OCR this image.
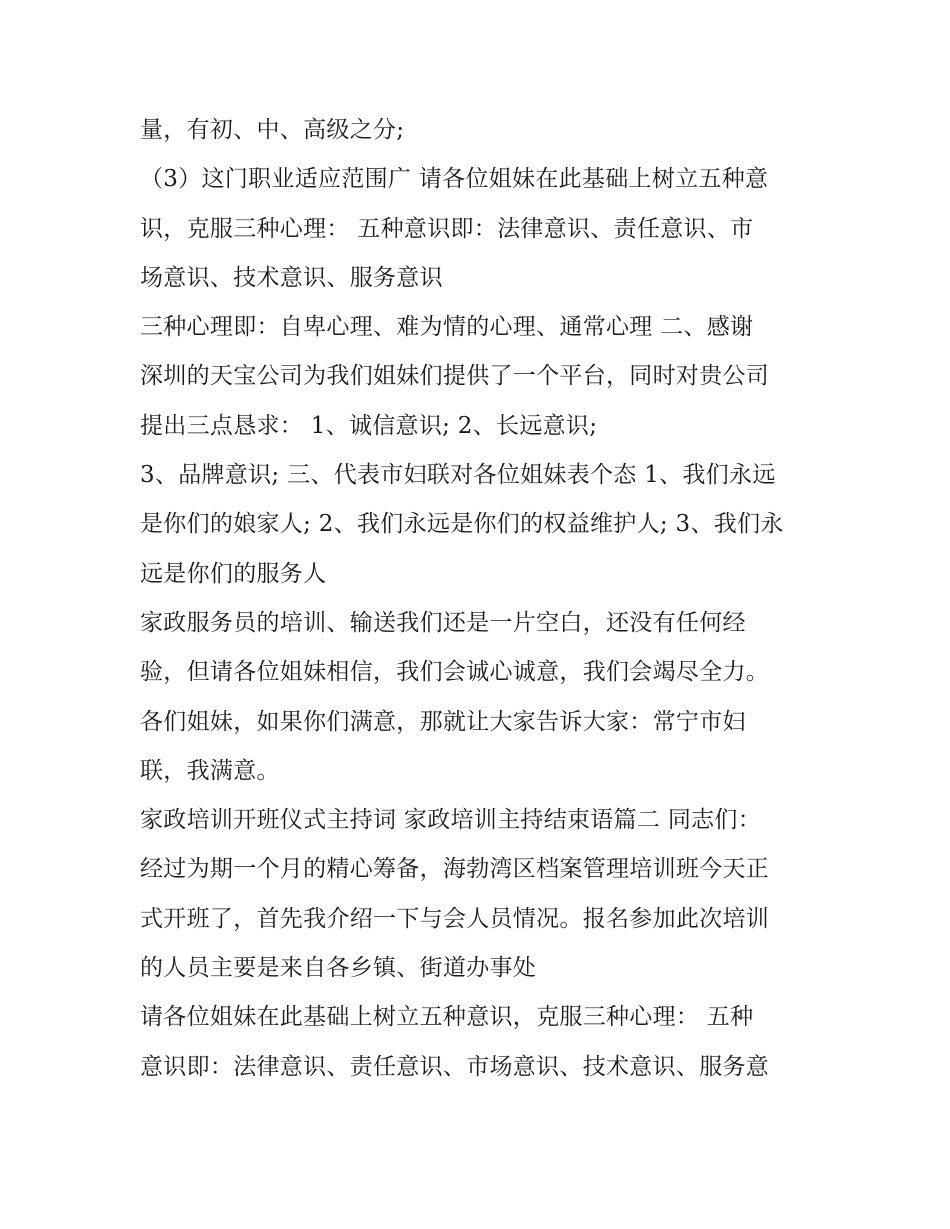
量，有初、中、高级之分;
（3）这门职业适应范围广 请各位姐妹在此基础上树立五种意
识，克服三种心理： 五种意识即：法律意识、责任意识、市
场意识、技术意识、服务意识
三种心理即：自卑心理、难为情的心理、通常心理 二、感谢
深圳的天宝公司为我们姐妹们提供了一个平台，同时对贵公司
提出三点恳求： 1、诚信意识; 2、长远意识;
3、品牌意识; 三、代表市妇联对各位姐妹表个态 1、我们永远
是你们的娘家人; 2、我们永远是你们的权益维护人; 3、我们永
远是你们的服务人
家政服务员的培训、输送我们还是一片空白，还没有任何经
验，但请各位姐妹相信，我们会诚心诚意，我们会竭尽全力。
各们姐妹，如果你们满意，那就让大家告诉大家：常宁市妇
联，我满意。
家政培训开班仪式主持词 家政培训主持结束语篇二 同志们：
经过为期一个月的精心筹备，海勃湾区档案管理培训班今天正
式开班了，首先我介绍一下与会人员情况。报名参加此次培训
的人员主要是来自各乡镇、街道办事处
请各位姐妹在此基础上树立五种意识，克服三种心理： 五种
意识即：法律意识、责任意识、市场意识、技术意识、服务意
